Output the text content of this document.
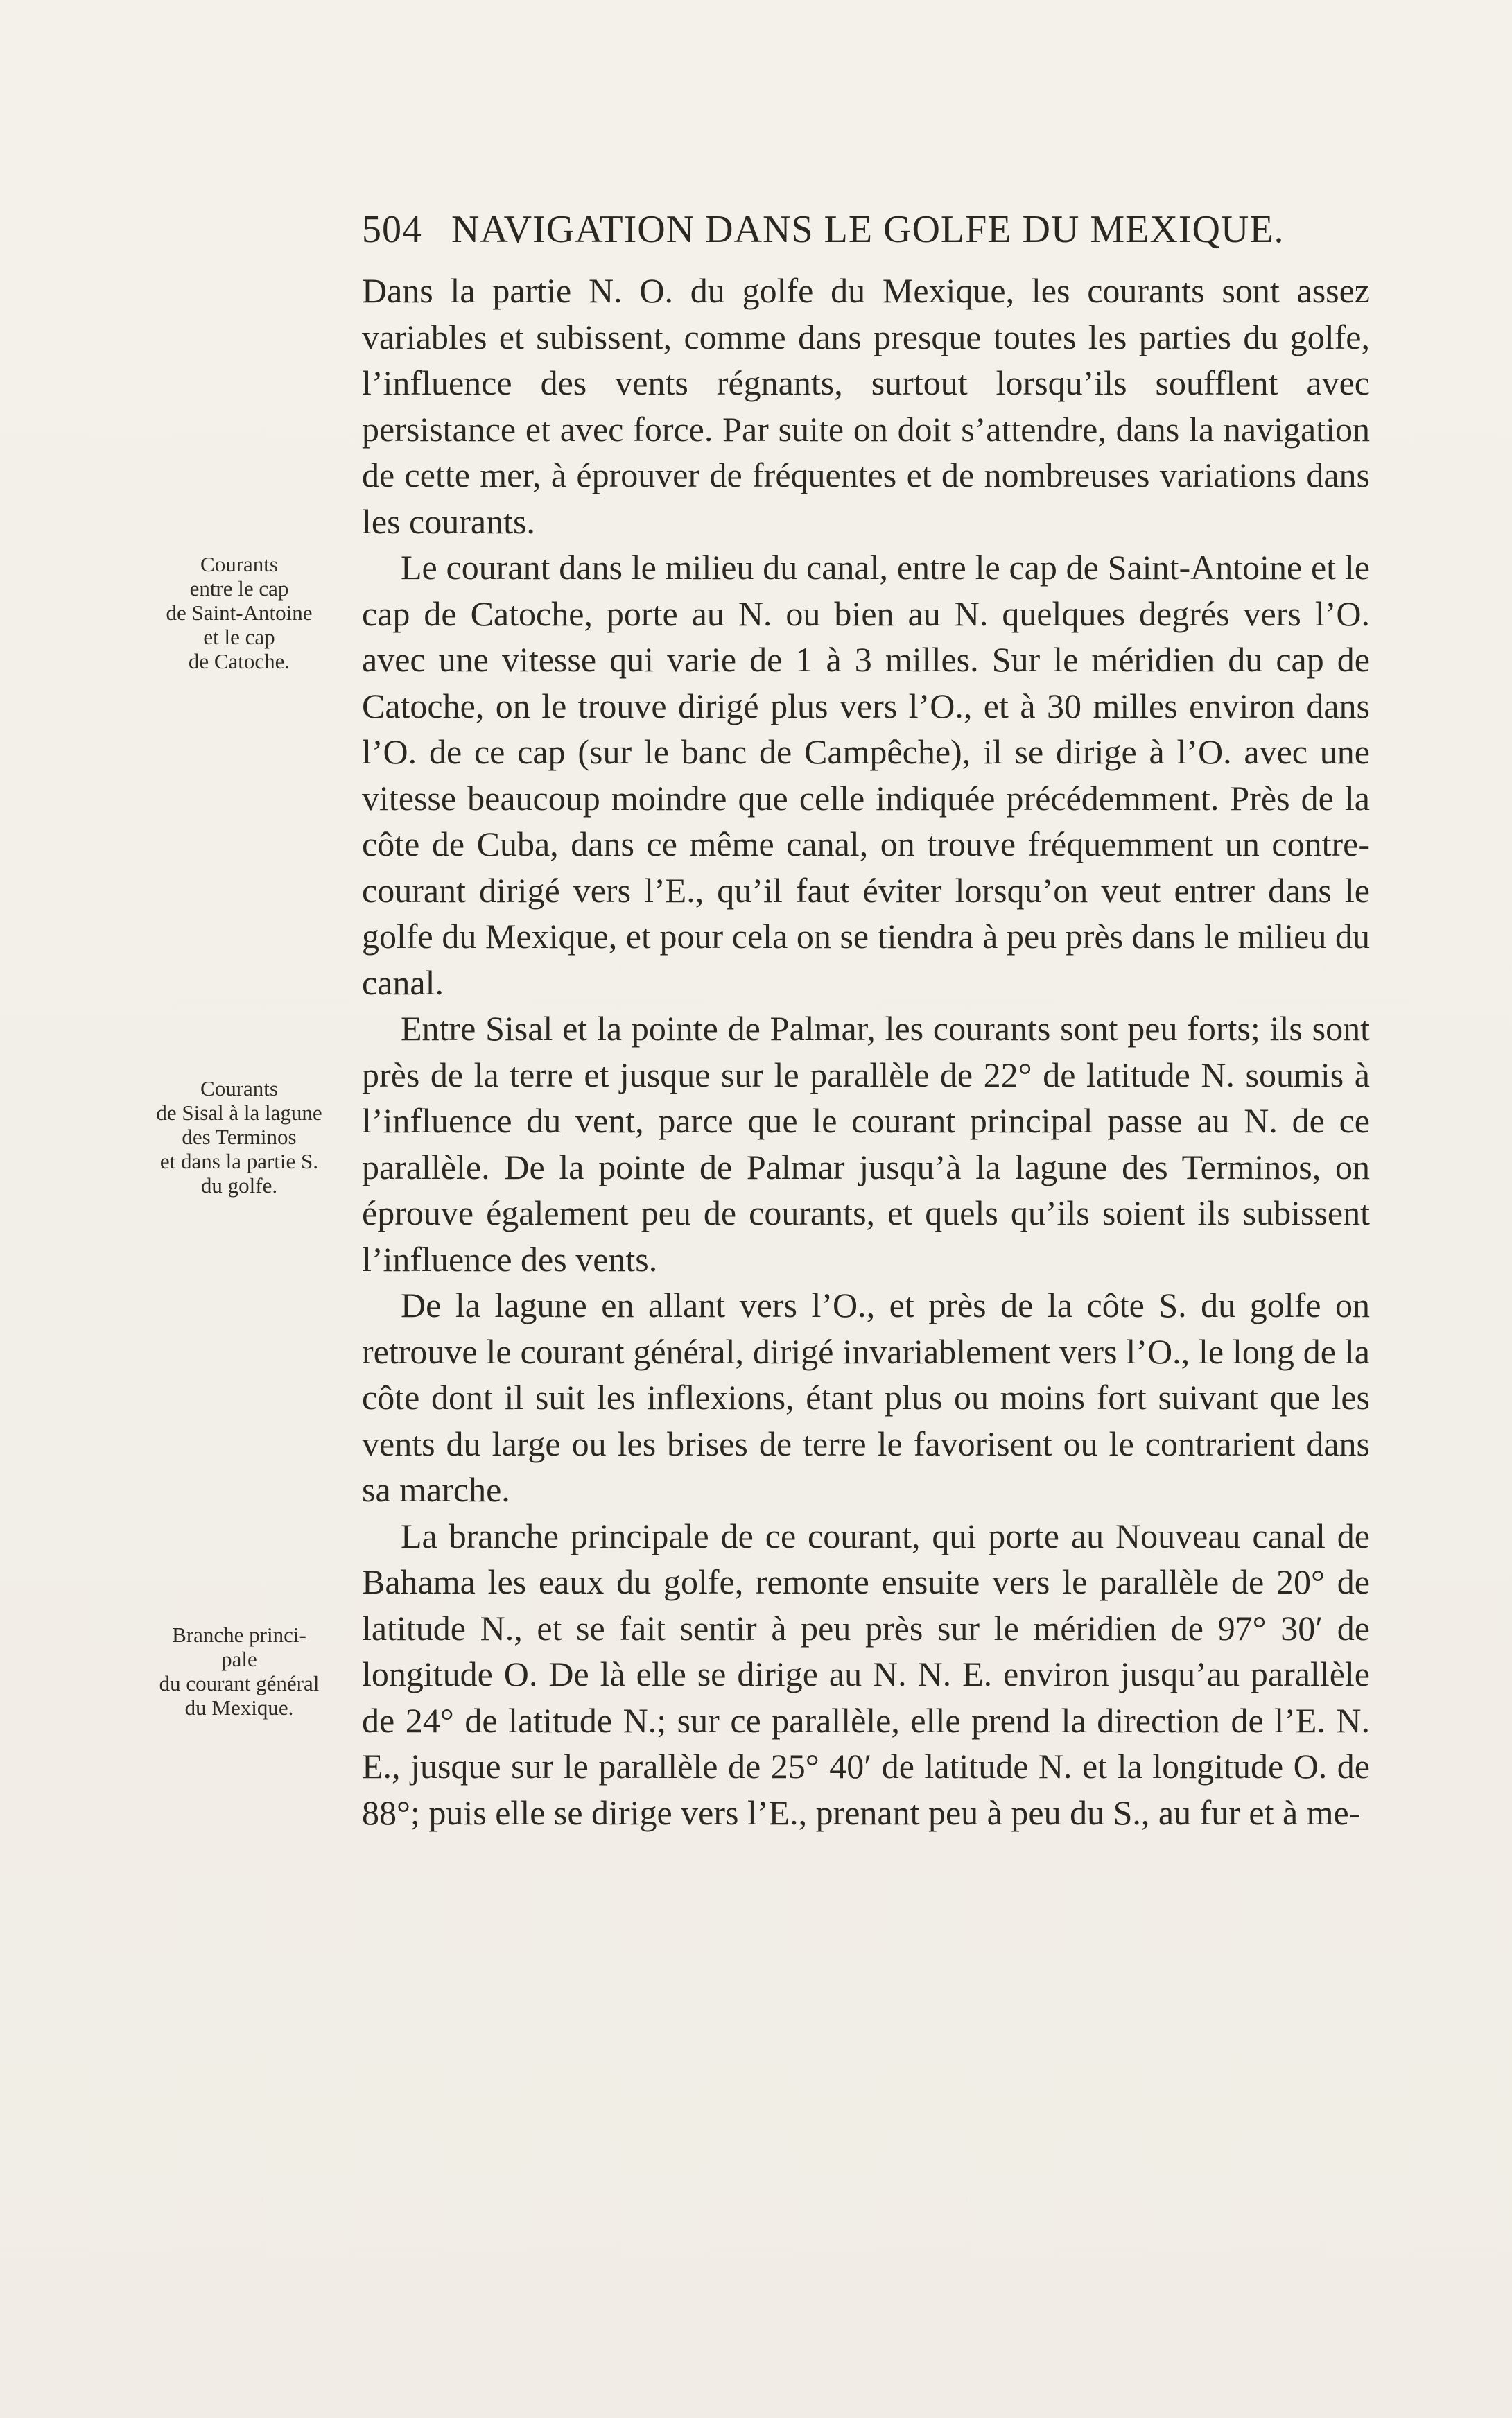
504 NAVIGATION DANS LE GOLFE DU MEXIQUE.

Dans la partie N. O. du golfe du Mexique, les courants sont assez variables et subissent, comme dans presque toutes les parties du golfe, l’influence des vents régnants, surtout lorsqu’ils soufflent avec persistance et avec force. Par suite on doit s’attendre, dans la navigation de cette mer, à éprouver de fréquentes et de nombreuses variations dans les courants.

Le courant dans le milieu du canal, entre le cap de Saint-Antoine et le cap de Catoche, porte au N. ou bien au N. quelques degrés vers l’O. avec une vitesse qui varie de 1 à 3 milles. Sur le méridien du cap de Catoche, on le trouve dirigé plus vers l’O., et à 30 milles environ dans l’O. de ce cap (sur le banc de Campêche), il se dirige à l’O. avec une vitesse beaucoup moindre que celle indiquée précédemment. Près de la côte de Cuba, dans ce même canal, on trouve fréquemment un contre-courant dirigé vers l’E., qu’il faut éviter lorsqu’on veut entrer dans le golfe du Mexique, et pour cela on se tiendra à peu près dans le milieu du canal.

Entre Sisal et la pointe de Palmar, les courants sont peu forts; ils sont près de la terre et jusque sur le parallèle de 22° de latitude N. soumis à l’influence du vent, parce que le courant principal passe au N. de ce parallèle. De la pointe de Palmar jusqu’à la lagune des Terminos, on éprouve également peu de courants, et quels qu’ils soient ils subissent l’influence des vents.

De la lagune en allant vers l’O., et près de la côte S. du golfe on retrouve le courant général, dirigé invariablement vers l’O., le long de la côte dont il suit les inflexions, étant plus ou moins fort suivant que les vents du large ou les brises de terre le favorisent ou le contrarient dans sa marche.

La branche principale de ce courant, qui porte au Nouveau canal de Bahama les eaux du golfe, remonte ensuite vers le parallèle de 20° de latitude N., et se fait sentir à peu près sur le méridien de 97° 30′ de longitude O. De là elle se dirige au N. N. E. environ jusqu’au parallèle de 24° de latitude N.; sur ce parallèle, elle prend la direction de l’E. N. E., jusque sur le parallèle de 25° 40′ de latitude N. et la longitude O. de 88°; puis elle se dirige vers l’E., prenant peu à peu du S., au fur et à me-

Courants
entre le cap
de Saint-Antoine
et le cap
de Catoche.
Courants
de Sisal à la lagune
des Terminos
et dans la partie S.
du golfe.
Branche princi-
pale
du courant général
du Mexique.
